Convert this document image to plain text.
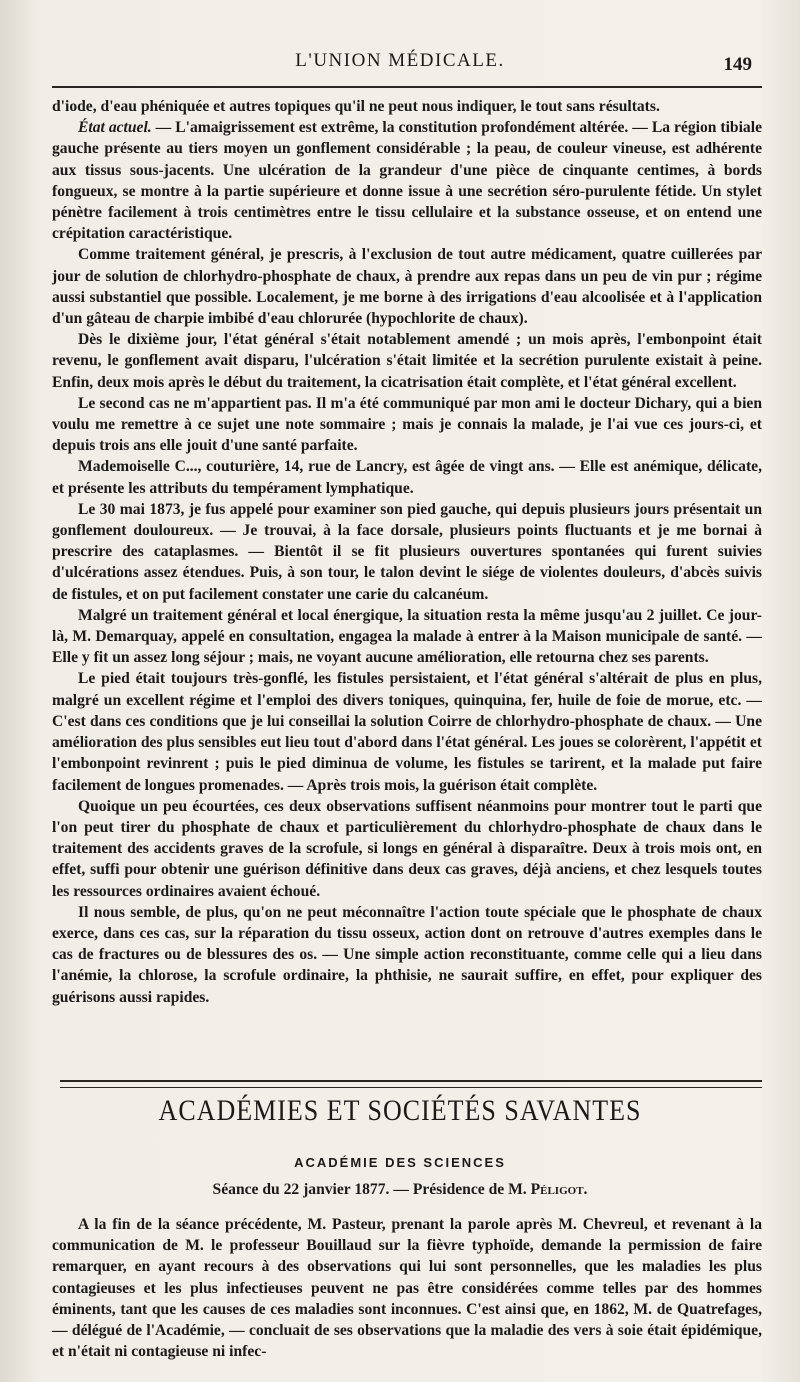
L'UNION MÉDICALE.	149

d'iode, d'eau phéniquée et autres topiques qu'il ne peut nous indiquer, le tout sans résultats.

État actuel. — L'amaigrissement est extrême, la constitution profondément altérée. — La région tibiale gauche présente au tiers moyen un gonflement considérable ; la peau, de couleur vineuse, est adhérente aux tissus sous-jacents. Une ulcération de la grandeur d'une pièce de cinquante centimes, à bords fongueux, se montre à la partie supérieure et donne issue à une secrétion séro-purulente fétide. Un stylet pénètre facilement à trois centimètres entre le tissu cellulaire et la substance osseuse, et on entend une crépitation caractéristique.

Comme traitement général, je prescris, à l'exclusion de tout autre médicament, quatre cuillerées par jour de solution de chlorhydro-phosphate de chaux, à prendre aux repas dans un peu de vin pur ; régime aussi substantiel que possible. Localement, je me borne à des irrigations d'eau alcoolisée et à l'application d'un gâteau de charpie imbibé d'eau chlorurée (hypochlorite de chaux).

Dès le dixième jour, l'état général s'était notablement amendé ; un mois après, l'embonpoint était revenu, le gonflement avait disparu, l'ulcération s'était limitée et la secrétion purulente existait à peine. Enfin, deux mois après le début du traitement, la cicatrisation était complète, et l'état général excellent.

Le second cas ne m'appartient pas. Il m'a été communiqué par mon ami le docteur Dichary, qui a bien voulu me remettre à ce sujet une note sommaire ; mais je connais la malade, je l'ai vue ces jours-ci, et depuis trois ans elle jouit d'une santé parfaite.

Mademoiselle C..., couturière, 14, rue de Lancry, est âgée de vingt ans. — Elle est anémique, délicate, et présente les attributs du tempérament lymphatique.

Le 30 mai 1873, je fus appelé pour examiner son pied gauche, qui depuis plusieurs jours présentait un gonflement douloureux. — Je trouvai, à la face dorsale, plusieurs points fluctuants et je me bornai à prescrire des cataplasmes. — Bientôt il se fit plusieurs ouvertures spontanées qui furent suivies d'ulcérations assez étendues. Puis, à son tour, le talon devint le siége de violentes douleurs, d'abcès suivis de fistules, et on put facilement constater une carie du calcanéum.

Malgré un traitement général et local énergique, la situation resta la même jusqu'au 2 juillet. Ce jour-là, M. Demarquay, appelé en consultation, engagea la malade à entrer à la Maison municipale de santé. — Elle y fit un assez long séjour ; mais, ne voyant aucune amélioration, elle retourna chez ses parents.

Le pied était toujours très-gonflé, les fistules persistaient, et l'état général s'altérait de plus en plus, malgré un excellent régime et l'emploi des divers toniques, quinquina, fer, huile de foie de morue, etc. — C'est dans ces conditions que je lui conseillai la solution Coirre de chlorhydro-phosphate de chaux. — Une amélioration des plus sensibles eut lieu tout d'abord dans l'état général. Les joues se colorèrent, l'appétit et l'embonpoint revinrent ; puis le pied diminua de volume, les fistules se tarirent, et la malade put faire facilement de longues promenades. — Après trois mois, la guérison était complète.

Quoique un peu écourtées, ces deux observations suffisent néanmoins pour montrer tout le parti que l'on peut tirer du phosphate de chaux et particulièrement du chlorhydro-phosphate de chaux dans le traitement des accidents graves de la scrofule, si longs en général à disparaître. Deux à trois mois ont, en effet, suffi pour obtenir une guérison définitive dans deux cas graves, déjà anciens, et chez lesquels toutes les ressources ordinaires avaient échoué.

Il nous semble, de plus, qu'on ne peut méconnaître l'action toute spéciale que le phosphate de chaux exerce, dans ces cas, sur la réparation du tissu osseux, action dont on retrouve d'autres exemples dans le cas de fractures ou de blessures des os. — Une simple action reconstituante, comme celle qui a lieu dans l'anémie, la chlorose, la scrofule ordinaire, la phthisie, ne saurait suffire, en effet, pour expliquer des guérisons aussi rapides.

ACADÉMIES ET SOCIÉTÉS SAVANTES
ACADÉMIE DES SCIENCES
Séance du 22 janvier 1877. — Présidence de M. Péligot.

A la fin de la séance précédente, M. Pasteur, prenant la parole après M. Chevreul, et revenant à la communication de M. le professeur Bouillaud sur la fièvre typhoïde, demande la permission de faire remarquer, en ayant recours à des observations qui lui sont personnelles, que les maladies les plus contagieuses et les plus infectieuses peuvent ne pas être considérées comme telles par des hommes éminents, tant que les causes de ces maladies sont inconnues. C'est ainsi que, en 1862, M. de Quatrefages, — délégué de l'Académie, — concluait de ses observations que la maladie des vers à soie était épidémique, et n'était ni contagieuse ni infec-
